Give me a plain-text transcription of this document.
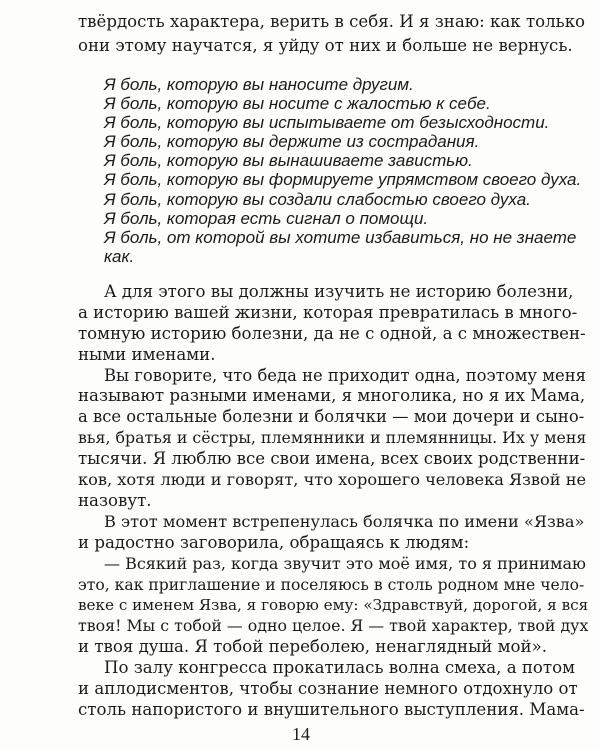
твёрдость характера, верить в себя. И я знаю: как только
они этому научатся, я уйду от них и больше не вернусь.
Я боль, которую вы наносите другим.
Я боль, которую вы носите с жалостью к себе.
Я боль, которую вы испытываете от безысходности.
Я боль, которую вы держите из сострадания.
Я боль, которую вы вынашиваете завистью.
Я боль, которую вы формируете упрямством своего духа.
Я боль, которую вы создали слабостью своего духа.
Я боль, которая есть сигнал о помощи.
Я боль, от которой вы хотите избавиться, но не знаете
как.
А для этого вы должны изучить не историю болезни,
а историю вашей жизни, которая превратилась в много-
томную историю болезни, да не с одной, а с множествен-
ными именами.
Вы говорите, что беда не приходит одна, поэтому меня
называют разными именами, я многолика, но я их Мама,
а все остальные болезни и болячки — мои дочери и сыно-
вья, братья и сёстры, племянники и племянницы. Их у меня
тысячи. Я люблю все свои имена, всех своих родственни-
ков, хотя люди и говорят, что хорошего человека Язвой не
назовут.
В этот момент встрепенулась болячка по имени «Язва»
и радостно заговорила, обращаясь к людям:
— Всякий раз, когда звучит это моё имя, то я принимаю
это, как приглашение и поселяюсь в столь родном мне чело-
веке с именем Язва, я говорю ему: «Здравствуй, дорогой, я вся
твоя! Мы с тобой — одно целое. Я — твой характер, твой дух
и твоя душа. Я тобой переболею, ненаглядный мой».
По залу конгресса прокатилась волна смеха, а потом
и аплодисментов, чтобы сознание немного отдохнуло от
столь напористого и внушительного выступления. Мама-
14
